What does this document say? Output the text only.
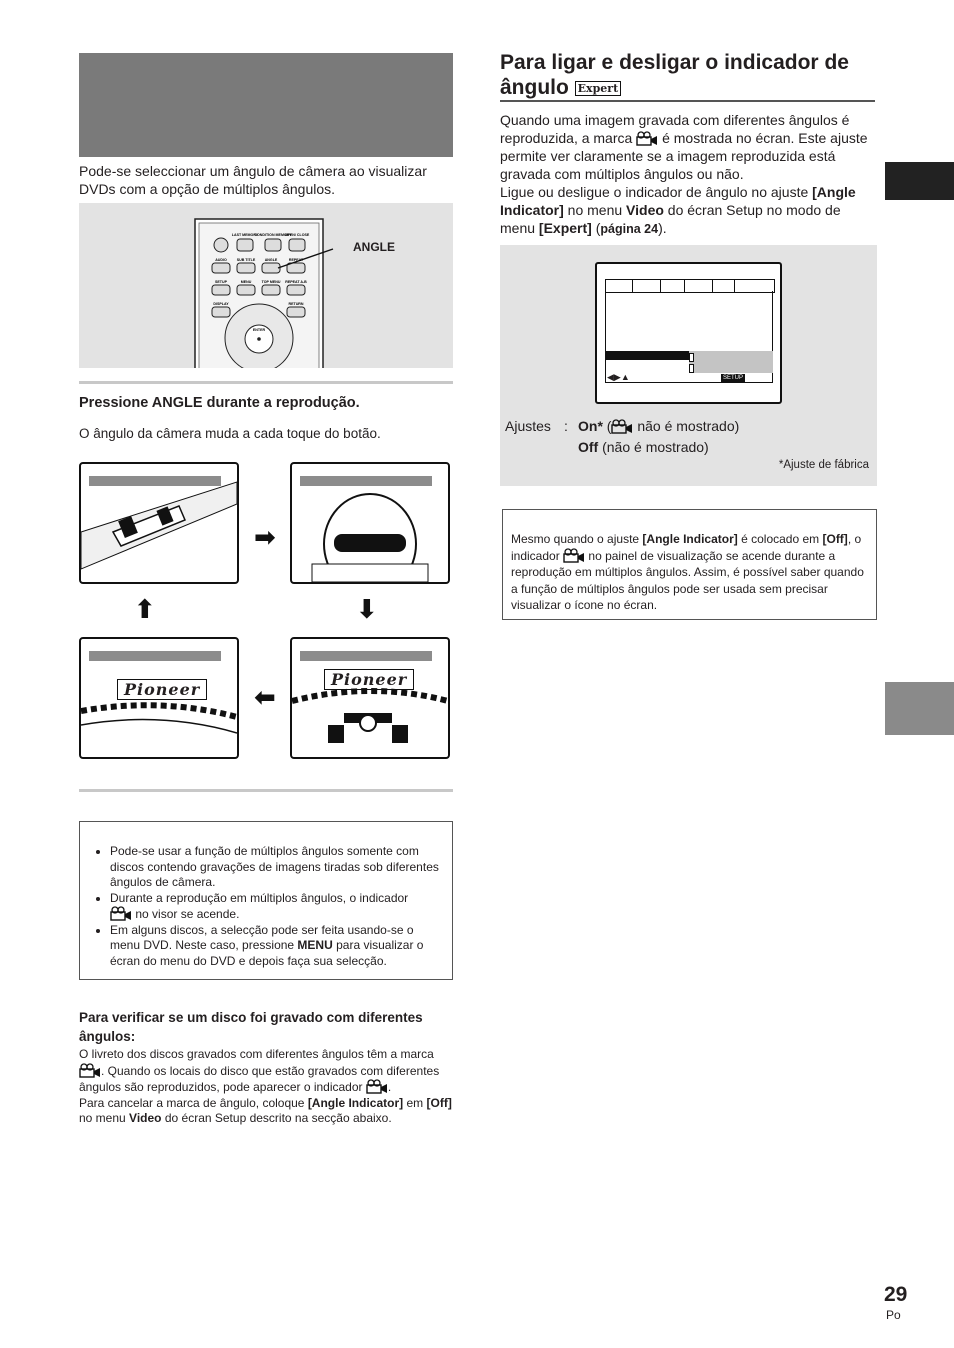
Pode-se seleccionar um ângulo de câmera ao visualizar DVDs com a opção de múltiplos ângulos.
LAST MEMORY
CONDITION MEMORY
OPEN/ CLOSE
AUDIO	SUB TITLE	ANGLE	REPEAT
SETUP	MENU	TOP MENU REPEAT A-B
DISPLAY	RETURN
ENTER
ANGLE
Pressione ANGLE durante a reprodução.
O ângulo da câmera muda a cada toque do botão.
Pioneer
Pioneer
➡
⬆	⬇
⬅
• Pode-se usar a função de múltiplos ângulos somente com discos contendo gravações de imagens tiradas sob diferentes ângulos de câmera.
• Durante a reprodução em múltiplos ângulos, o indicador
no visor se acende.
• Em alguns discos, a selecção pode ser feita usando-se o menu DVD. Neste caso, pressione MENU para visualizar o écran do menu do DVD e depois faça sua selecção.
Para verificar se um disco foi gravado com diferentes ângulos:
O livreto dos discos gravados com diferentes ângulos têm a marca . Quando os locais do disco que estão gravados com diferentes ângulos são reproduzidos, pode aparecer o indicador .
Para cancelar a marca de ângulo, coloque [Angle Indicator] em [Off] no menu Video do écran Setup descrito na secção abaixo.
Para ligar e desligar o indicador de ângulo Expert
Quando uma imagem gravada com diferentes ângulos é reproduzida, a marca é mostrada no écran. Este ajuste permite ver claramente se a imagem reproduzida está gravada com múltiplos ângulos ou não.
Ligue ou desligue o indicador de ângulo no ajuste [Angle Indicator] no menu Video do écran Setup no modo de menu [Expert] (página 24).
◀▶▲	SETUP
Ajustes : On* ( não é mostrado)
Off (não é mostrado)
*Ajuste de fábrica
Mesmo quando o ajuste [Angle Indicator] é colocado em [Off], o indicador no painel de visualização se acende durante a reprodução em múltiplos ângulos. Assim, é possível saber quando a função de múltiplos ângulos pode ser usada sem precisar visualizar o ícone no écran.
29
Po
